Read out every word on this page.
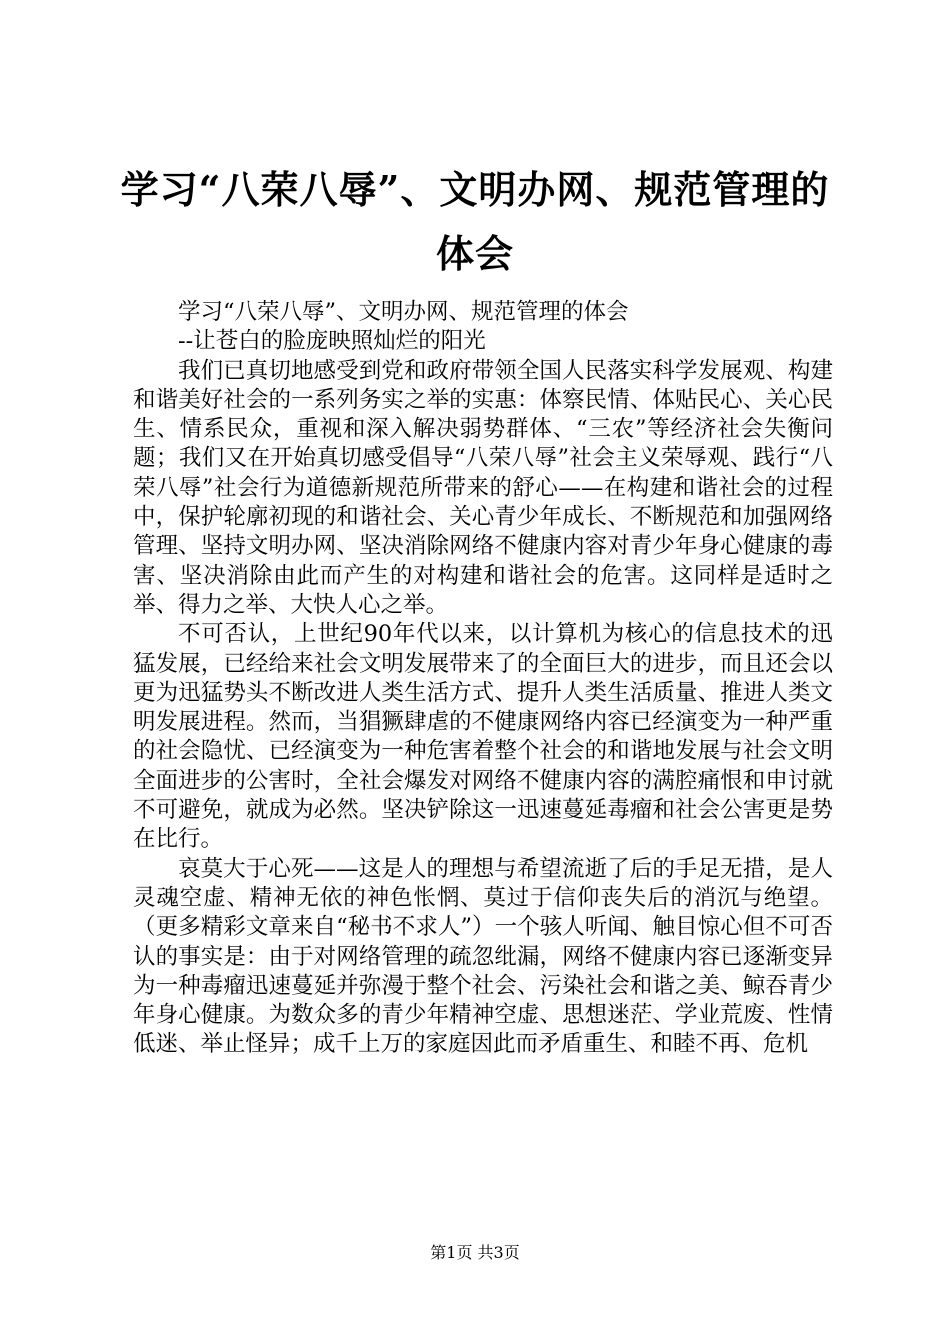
学习“八荣八辱”、文明办网、规范管理的体会

学习“八荣八辱”、文明办网、规范管理的体会

--让苍白的脸庞映照灿烂的阳光

我们已真切地感受到党和政府带领全国人民落实科学发展观、构建和谐美好社会的一系列务实之举的实惠：体察民情、体贴民心、关心民生、情系民众，重视和深入解决弱势群体、“三农”等经济社会失衡问题；我们又在开始真切感受倡导“八荣八辱”社会主义荣辱观、践行“八荣八辱”社会行为道德新规范所带来的舒心——在构建和谐社会的过程中，保护轮廓初现的和谐社会、关心青少年成长、不断规范和加强网络管理、坚持文明办网、坚决消除网络不健康内容对青少年身心健康的毒害、坚决消除由此而产生的对构建和谐社会的危害。这同样是适时之举、得力之举、大快人心之举。

不可否认，上世纪90年代以来，以计算机为核心的信息技术的迅猛发展，已经给来社会文明发展带来了的全面巨大的进步，而且还会以更为迅猛势头不断改进人类生活方式、提升人类生活质量、推进人类文明发展进程。然而，当猖獗肆虐的不健康网络内容已经演变为一种严重的社会隐忧、已经演变为一种危害着整个社会的和谐地发展与社会文明全面进步的公害时，全社会爆发对网络不健康内容的满腔痛恨和申讨就不可避免，就成为必然。坚决铲除这一迅速蔓延毒瘤和社会公害更是势在比行。

哀莫大于心死——这是人的理想与希望流逝了后的手足无措，是人灵魂空虚、精神无依的神色怅惘、莫过于信仰丧失后的消沉与绝望。（更多精彩文章来自“秘书不求人”）一个骇人听闻、触目惊心但不可否认的事实是：由于对网络管理的疏忽纰漏，网络不健康内容已逐渐变异为一种毒瘤迅速蔓延并弥漫于整个社会、污染社会和谐之美、鲸吞青少年身心健康。为数众多的青少年精神空虚、思想迷茫、学业荒废、性情低迷、举止怪异；成千上万的家庭因此而矛盾重生、和睦不再、危机

第1页 共3页
